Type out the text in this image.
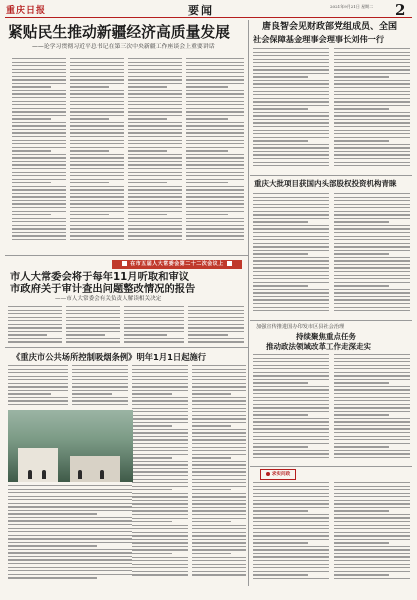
重庆日报	要闻	2021年9月21日 星期二	2
紧贴民生推动新疆经济高质量发展
——论学习贯彻习近平总书记在第三次中央新疆工作座谈会上重要讲话
唐良智会见财政部党组成员、全国
社会保障基金理事会理事长刘伟一行
在市五届人大常委会第二十二次会议上
市人大常委会将于每年11月听取和审议
市政府关于审计查出问题整改情况的报告
——市人大常委会有关负责人解读相关决定
《重庆市公共场所控制吸烟条例》明年1月1日起施行
重庆大批项目获国内头部股权投资机构青睐
加强宣传推进国办印发市区县社会治理
持续聚焦重点任务
推动政法领域改革工作走深走实
求实问政
